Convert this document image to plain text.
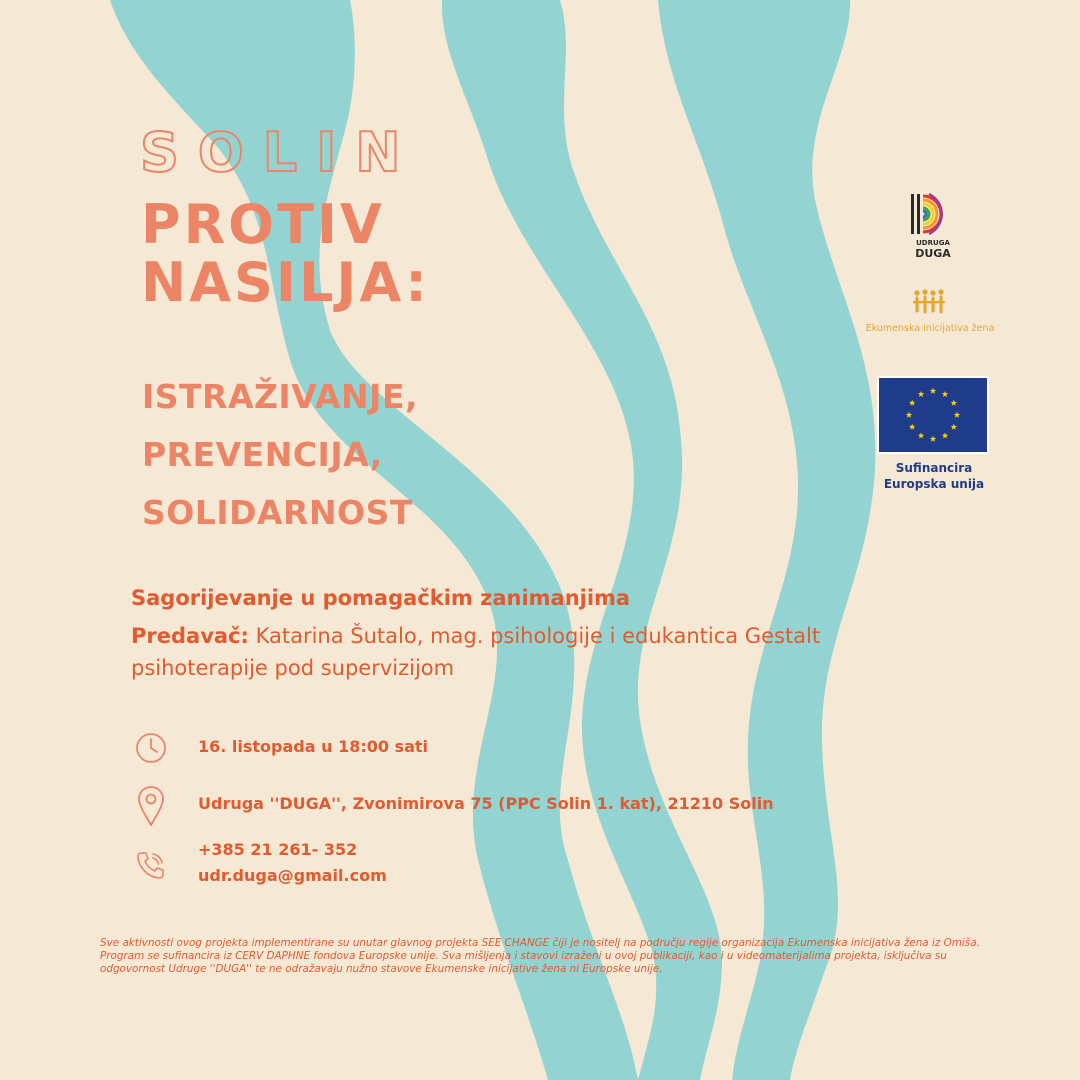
SOLIN
PROTIV
NASILJA:
ISTRAŽIVANJE,
PREVENCIJA,
SOLIDARNOST
Sagorijevanje u pomagačkim zanimanjima
Predavač: Katarina Šutalo, mag. psihologije i edukantica Gestalt psihoterapije pod supervizijom
16. listopada u 18:00 sati
Udruga ''DUGA'', Zvonimirova 75 (PPC Solin 1. kat), 21210 Solin
+385 21 261- 352
udr.duga@gmail.com
Sve aktivnosti ovog projekta implementirane su unutar glavnog projekta SEE CHANGE čiji je nositelj na području regije organizacija Ekumenska inicijativa žena iz Omiša. Program se sufinancira iz CERV DAPHNE fondova Europske unije. Sva mišljenja i stavovi izraženi u ovoj publikaciji, kao i u videomaterijalima projekta, isključiva su odgovornost Udruge ''DUGA'' te ne odražavaju nužno stavove Ekumenske inicijative žena ni Europske unije.
UDRUGA
DUGA
Ekumenska inicijativa žena
Sufinancira
Europska unija
